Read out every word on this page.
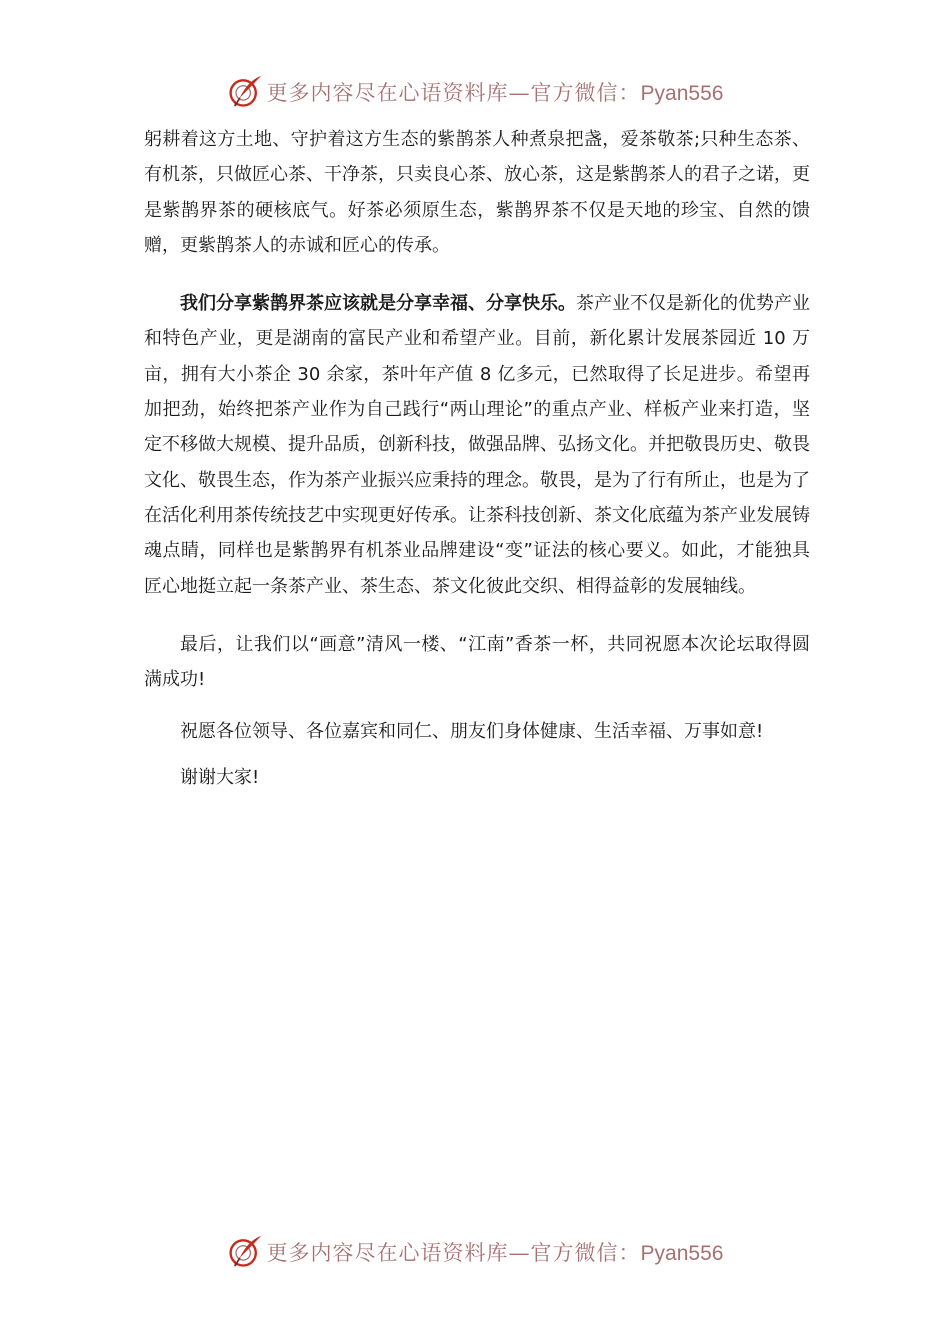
更多内容尽在心语资料库—官方微信：Pyan556

躬耕着这方土地、守护着这方生态的紫鹊茶人种煮泉把盏，爱茶敬茶;只种生态茶、有机茶，只做匠心茶、干净茶，只卖良心茶、放心茶，这是紫鹊茶人的君子之诺，更是紫鹊界茶的硬核底气。好茶必须原生态，紫鹊界茶不仅是天地的珍宝、自然的馈赠，更紫鹊茶人的赤诚和匠心的传承。

我们分享紫鹊界茶应该就是分享幸福、分享快乐。茶产业不仅是新化的优势产业和特色产业，更是湖南的富民产业和希望产业。目前，新化累计发展茶园近 10 万亩，拥有大小茶企 30 余家，茶叶年产值 8 亿多元，已然取得了长足进步。希望再加把劲，始终把茶产业作为自己践行“两山理论”的重点产业、样板产业来打造，坚定不移做大规模、提升品质，创新科技，做强品牌、弘扬文化。并把敬畏历史、敬畏文化、敬畏生态，作为茶产业振兴应秉持的理念。敬畏，是为了行有所止，也是为了在活化利用茶传统技艺中实现更好传承。让茶科技创新、茶文化底蕴为茶产业发展铸魂点睛，同样也是紫鹊界有机茶业品牌建设“变”证法的核心要义。如此，才能独具匠心地挺立起一条茶产业、茶生态、茶文化彼此交织、相得益彰的发展轴线。

最后，让我们以“画意”清风一楼、“江南”香茶一杯，共同祝愿本次论坛取得圆满成功!

祝愿各位领导、各位嘉宾和同仁、朋友们身体健康、生活幸福、万事如意!

谢谢大家!

更多内容尽在心语资料库—官方微信：Pyan556
